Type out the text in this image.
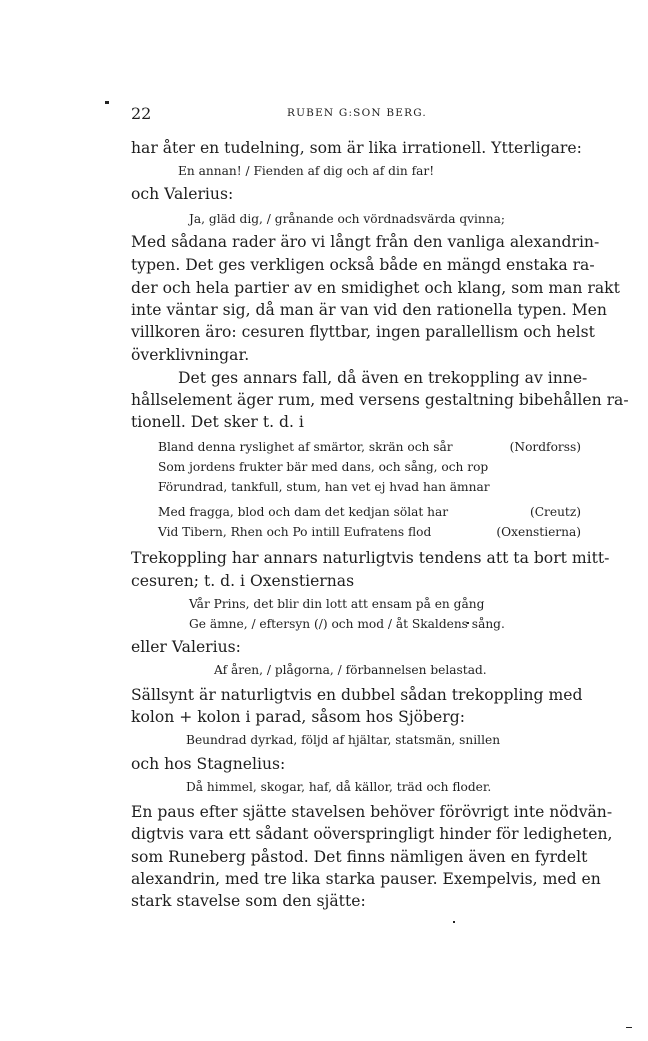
22	RUBEN G:SON BERG.
har åter en tudelning, som är lika irrationell. Ytterligare:
En annan! / Fienden af dig och af din far!
och Valerius:
Ja, gläd dig, / grånande och vördnadsvärda qvinna;
Med sådana rader äro vi långt från den vanliga alexandrin-
typen. Det ges verkligen också både en mängd enstaka ra-
der och hela partier av en smidighet och klang, som man rakt
inte väntar sig, då man är van vid den rationella typen. Men
villkoren äro: cesuren flyttbar, ingen parallellism och helst
överklivningar.
Det ges annars fall, då även en trekoppling av inne-
hållselement äger rum, med versens gestaltning bibehållen ra-
tionell. Det sker t. d. i
Bland denna ryslighet af smärtor, skrän och sår	(Nordforss)
Som jordens frukter bär med dans, och sång, och rop
Förundrad, tankfull, stum, han vet ej hvad han ämnar
Med fragga, blod och dam det kedjan sölat har	(Creutz)
Vid Tibern, Rhen och Po intill Eufratens flod	(Oxenstierna)
Trekoppling har annars naturligtvis tendens att ta bort mitt-
cesuren; t. d. i Oxenstiernas
Vår Prins, det blir din lott att ensam på en gång
Ge ämne, / eftersyn (/) och mod / åt Skaldens sång.
eller Valerius:
Af åren, / plågorna, / förbannelsen belastad.
Sällsynt är naturligtvis en dubbel sådan trekoppling med
kolon + kolon i parad, såsom hos Sjöberg:
Beundrad dyrkad, följd af hjältar, statsmän, snillen
och hos Stagnelius:
Då himmel, skogar, haf, då källor, träd och floder.
En paus efter sjätte stavelsen behöver förövrigt inte nödvän-
digtvis vara ett sådant oöverspringligt hinder för ledigheten,
som Runeberg påstod. Det finns nämligen även en fyrdelt
alexandrin, med tre lika starka pauser. Exempelvis, med en
stark stavelse som den sjätte:
